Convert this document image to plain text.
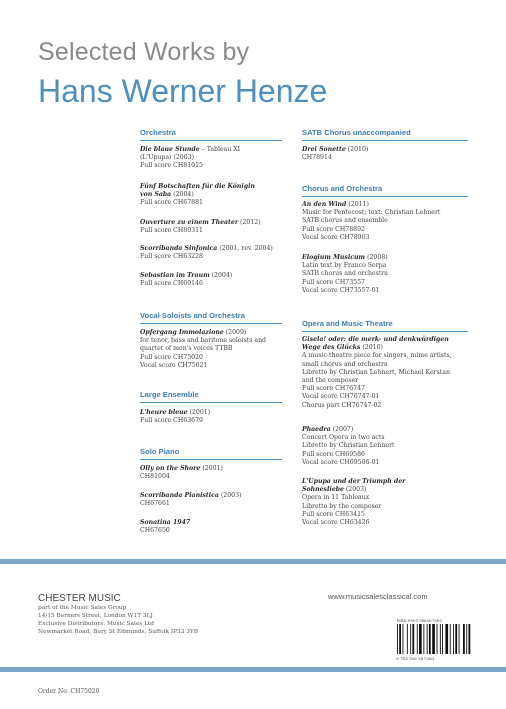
Selected Works by
Hans Werner Henze
Orchestra
Vocal Soloists and Orchestra
Large Ensemble
Solo Piano
SATB Chorus unaccompanied
Chorus and Orchestra
Opera and Music Theatre
Die blaue Stunde – Tableau XI
(L'Upupa) (2003)
Full score CH81015
Fünf Botschaften für die Königin
von Saba (2004)
Full score CH67881
Ouverture zu einem Theater (2012)
Full score CH80311
Scorribanda Sinfonica (2001, rev. 2004)
Full score CH63228
Sebastian im Traum (2004)
Full score CH69146
Opfergang Immolazione (2009)
for tenor, bass and baritone soloists and
quartet of men's voices TTBB
Full score CH75020
Vocal score CH75021
L'heure bleue (2001)
Full score CH63679
Olly on the Shore (2001)
CH81004
Scorribanda Pianistica (2003)
CH67661
Sonatina 1947
CH67650
Drei Sonette (2010)
CH78914
An den Wind (2011)
Music for Pentecost; text: Christian Lehnert
SATB chorus and ensemble
Full score CH78892
Vocal score CH78903
Elogium Musicum (2008)
Latin text by Franco Serpa
SATB chorus and orchestra
Full score CH73557
Vocal score CH73557-01
Gisela! oder: die merk- und denkwürdigen
Wege des Glücks (2010)
A music-theatre piece for singers, mime artists,
small chorus and orchestra
Libretto by Christian Lehnert, Michael Kerstan
and the composer
Full score CH76747
Vocal score CH76747-01
Chorus part CH76747-02
Phaedra (2007)
Concert Opera in two acts
Libretto by Christian Lehnert
Full score CH69586
Vocal score CH69586-01
L'Upupa und der Triumph der
Sohnesliebe (2003)
Opera in 11 Tableaux
Libretto by the composer
Full score CH63415
Vocal score CH63426
CHESTER MUSIC
part of the Music Sales Group
14/15 Berners Street, London W1T 3LJ
Exclusive Distributors: Music Sales Ltd
Newmarket Road, Bury St Edmunds, Suffolk IP33 3YB
www.musicsalesclassical.com
ISBN 978-1-78038-758-5
9 781780 387383
Order No. CH75020
